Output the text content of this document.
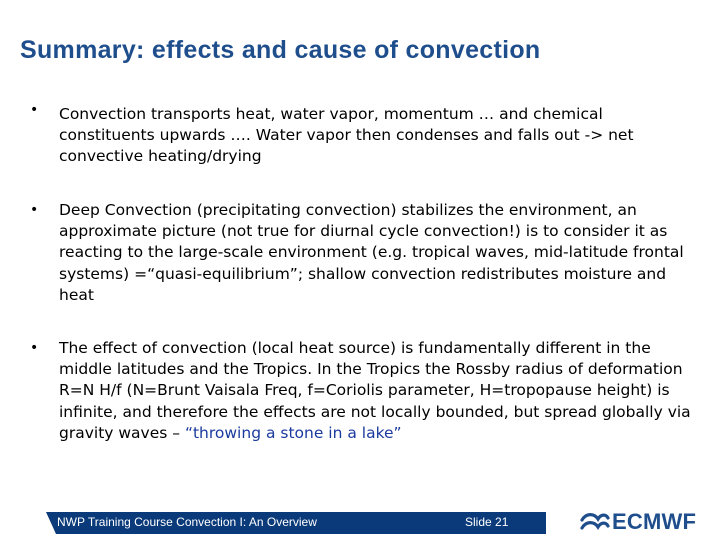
Summary: effects and cause of convection
• Convection transports heat, water vapor, momentum … and chemical constituents upwards …. Water vapor then condenses and falls out -> net convective heating/drying
• Deep Convection (precipitating convection) stabilizes the environment, an approximate picture (not true for diurnal cycle convection!) is to consider it as reacting to the large-scale environment (e.g. tropical waves, mid-latitude frontal systems) =“quasi-equilibrium”; shallow convection redistributes moisture and heat
• The effect of convection (local heat source) is fundamentally different in the middle latitudes and the Tropics. In the Tropics the Rossby radius of deformation R=N H/f (N=Brunt Vaisala Freq, f=Coriolis parameter, H=tropopause height) is infinite, and therefore the effects are not locally bounded, but spread globally via gravity waves – “throwing a stone in a lake”
NWP Training Course Convection I: An Overview	Slide 21	ECMWF
